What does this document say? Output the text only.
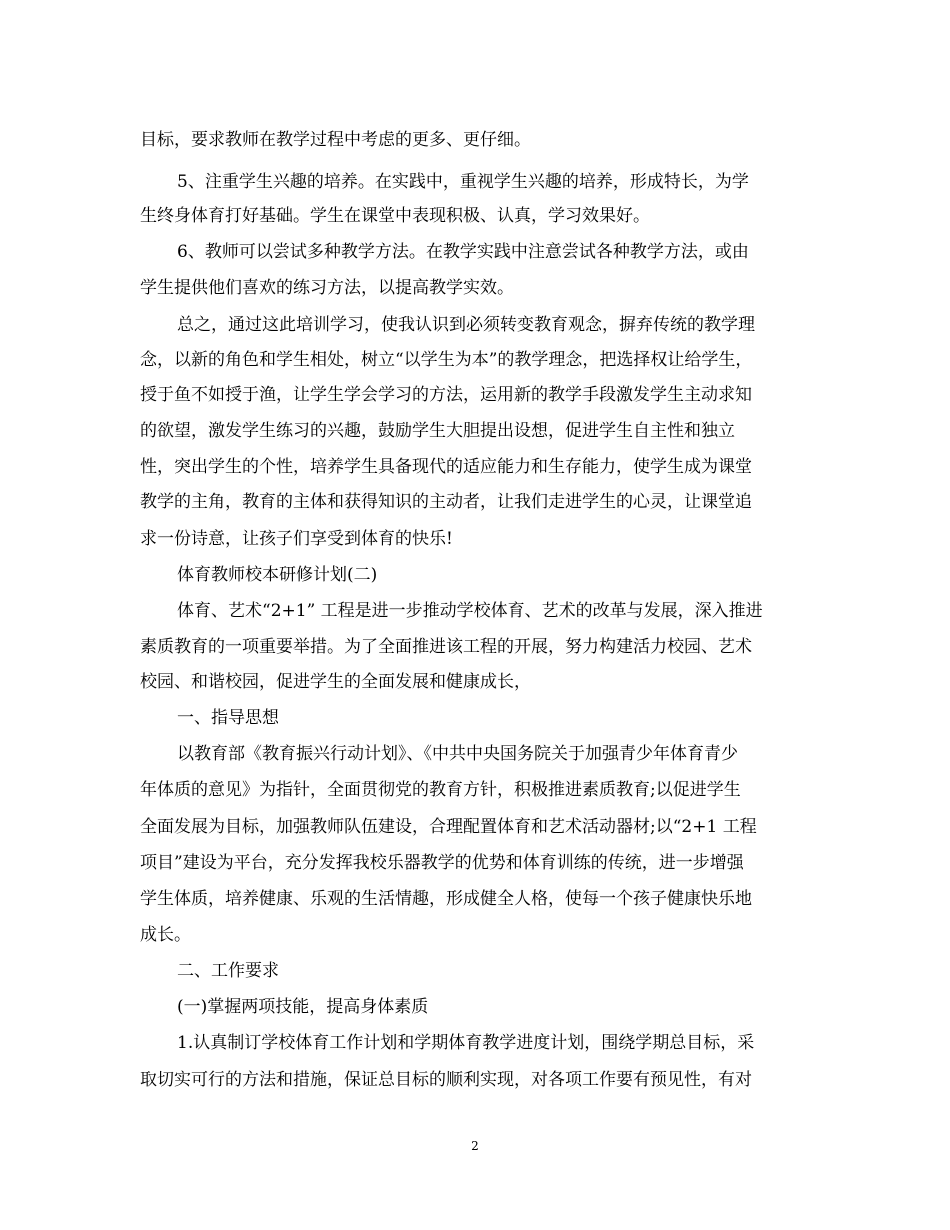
目标，要求教师在教学过程中考虑的更多、更仔细。
5、注重学生兴趣的培养。在实践中，重视学生兴趣的培养，形成特长，为学
生终身体育打好基础。学生在课堂中表现积极、认真，学习效果好。
6、教师可以尝试多种教学方法。在教学实践中注意尝试各种教学方法，或由
学生提供他们喜欢的练习方法，以提高教学实效。
总之，通过这此培训学习，使我认识到必须转变教育观念，摒弃传统的教学理
念，以新的角色和学生相处，树立“以学生为本”的教学理念，把选择权让给学生，
授于鱼不如授于渔，让学生学会学习的方法，运用新的教学手段激发学生主动求知
的欲望，激发学生练习的兴趣，鼓励学生大胆提出设想，促进学生自主性和独立
性，突出学生的个性，培养学生具备现代的适应能力和生存能力，使学生成为课堂
教学的主角，教育的主体和获得知识的主动者，让我们走进学生的心灵，让课堂追
求一份诗意，让孩子们享受到体育的快乐!
体育教师校本研修计划(二)
体育、艺术“2+1” 工程是进一步推动学校体育、艺术的改革与发展，深入推进
素质教育的一项重要举措。为了全面推进该工程的开展，努力构建活力校园、艺术
校园、和谐校园，促进学生的全面发展和健康成长，
一、指导思想
以教育部《教育振兴行动计划》、《中共中央国务院关于加强青少年体育青少
年体质的意见》为指针，全面贯彻党的教育方针，积极推进素质教育;以促进学生
全面发展为目标，加强教师队伍建设，合理配置体育和艺术活动器材;以“2+1 工程
项目”建设为平台，充分发挥我校乐器教学的优势和体育训练的传统，进一步增强
学生体质，培养健康、乐观的生活情趣，形成健全人格，使每一个孩子健康快乐地
成长。
二、工作要求
(一)掌握两项技能，提高身体素质
1.认真制订学校体育工作计划和学期体育教学进度计划，围绕学期总目标，采
取切实可行的方法和措施，保证总目标的顺利实现，对各项工作要有预见性，有对
2
